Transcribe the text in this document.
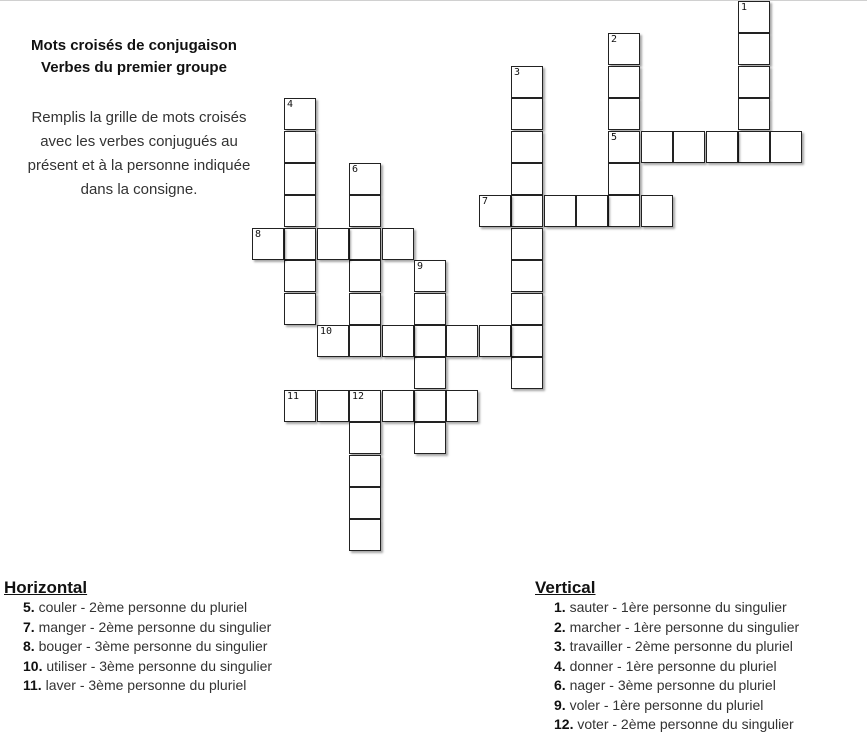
Mots croisés de conjugaison
Verbes du premier groupe
Remplis la grille de mots croisés
avec les verbes conjugués au
présent et à la personne indiquée
dans la consigne.
1
2
5
3
4
6
7
8
9
10
11	12
Horizontal
5. couler - 2ème personne du pluriel
7. manger - 2ème personne du singulier
8. bouger - 3ème personne du singulier
10. utiliser - 3ème personne du singulier
11. laver - 3ème personne du pluriel
Vertical
1. sauter - 1ère personne du singulier
2. marcher - 1ère personne du singulier
3. travailler - 2ème personne du pluriel
4. donner - 1ère personne du pluriel
6. nager - 3ème personne du pluriel
9. voler - 1ère personne du pluriel
12. voter - 2ème personne du singulier
